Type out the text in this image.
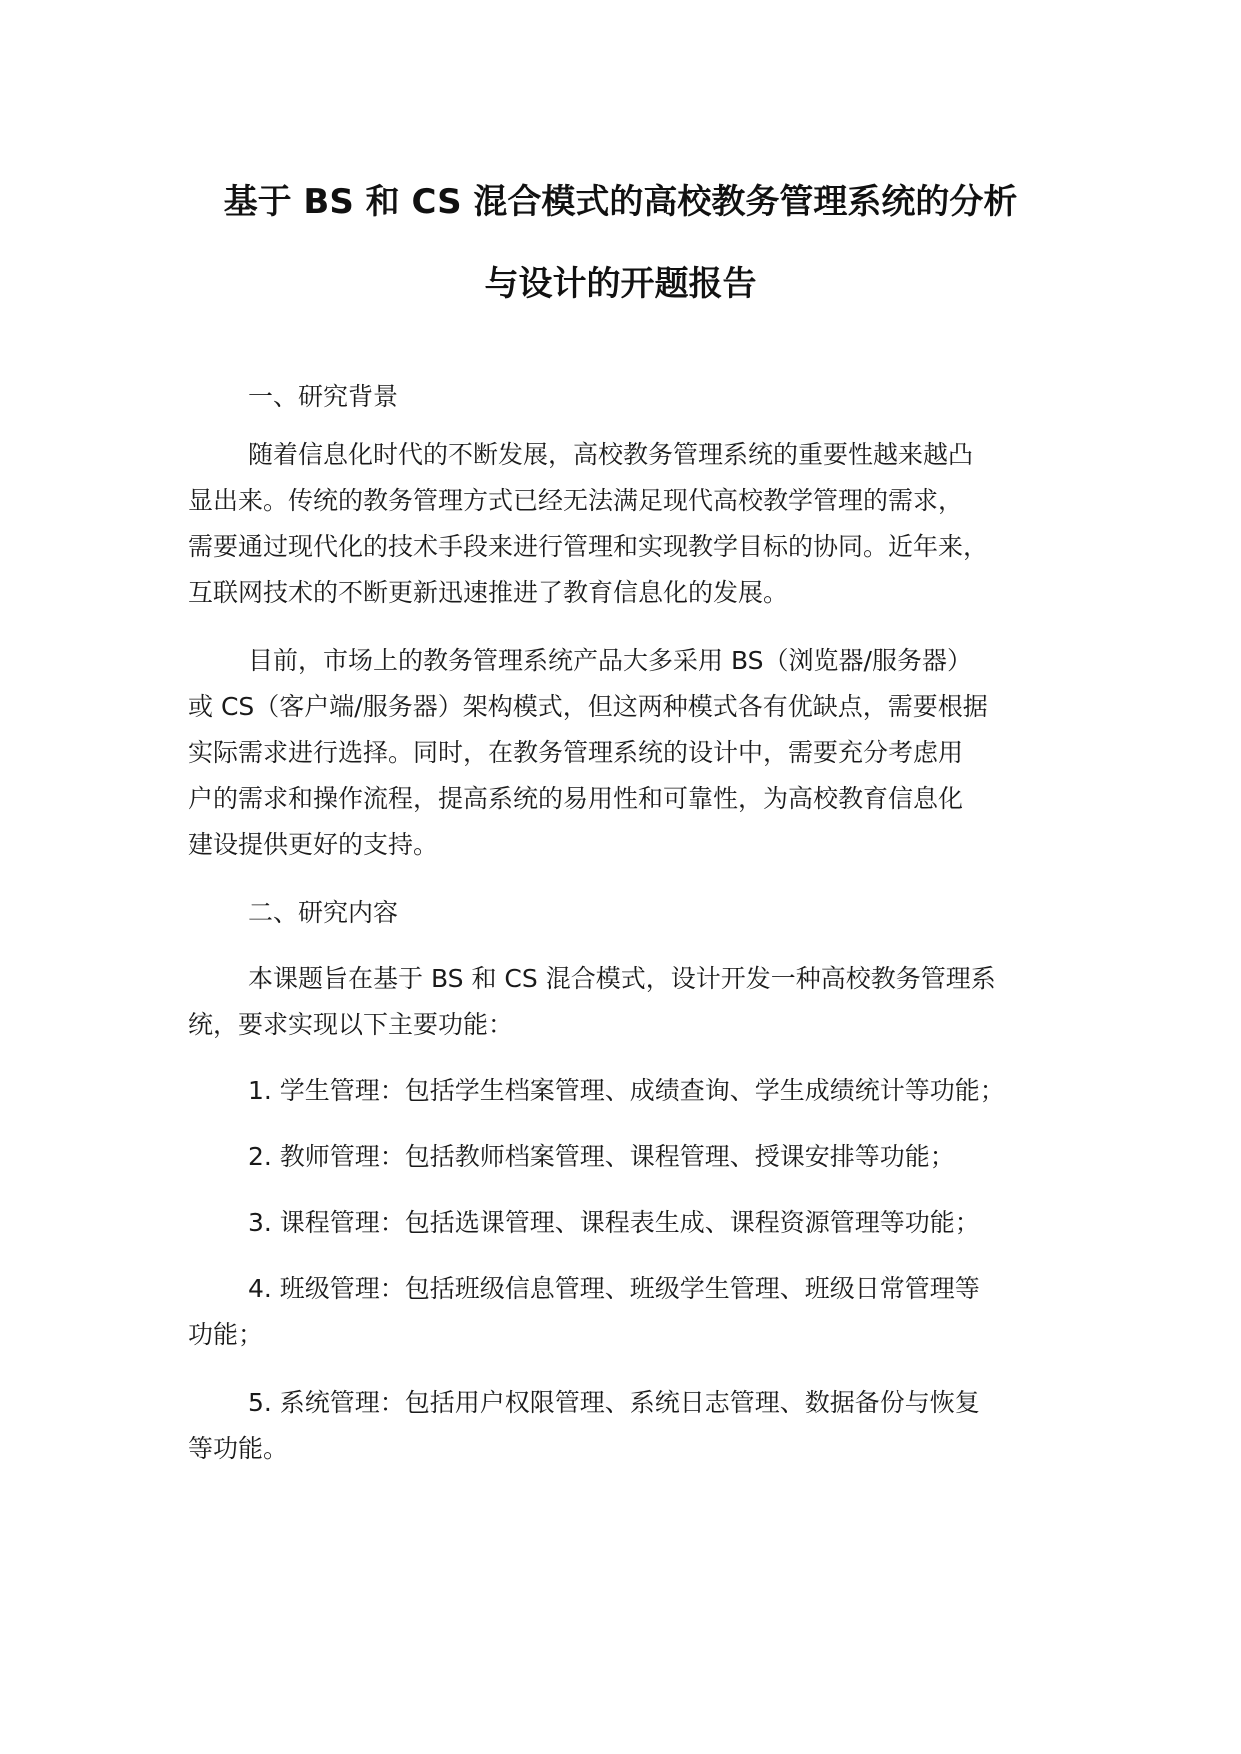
基于 BS 和 CS 混合模式的高校教务管理系统的分析
与设计的开题报告
一、研究背景
随着信息化时代的不断发展，高校教务管理系统的重要性越来越凸
显出来。传统的教务管理方式已经无法满足现代高校教学管理的需求，
需要通过现代化的技术手段来进行管理和实现教学目标的协同。近年来，
互联网技术的不断更新迅速推进了教育信息化的发展。
目前，市场上的教务管理系统产品大多采用 BS（浏览器/服务器）
或 CS（客户端/服务器）架构模式，但这两种模式各有优缺点，需要根据
实际需求进行选择。同时，在教务管理系统的设计中，需要充分考虑用
户的需求和操作流程，提高系统的易用性和可靠性，为高校教育信息化
建设提供更好的支持。
二、研究内容
本课题旨在基于 BS 和 CS 混合模式，设计开发一种高校教务管理系
统，要求实现以下主要功能：
1. 学生管理：包括学生档案管理、成绩查询、学生成绩统计等功能；
2. 教师管理：包括教师档案管理、课程管理、授课安排等功能；
3. 课程管理：包括选课管理、课程表生成、课程资源管理等功能；
4. 班级管理：包括班级信息管理、班级学生管理、班级日常管理等
功能；
5. 系统管理：包括用户权限管理、系统日志管理、数据备份与恢复
等功能。
